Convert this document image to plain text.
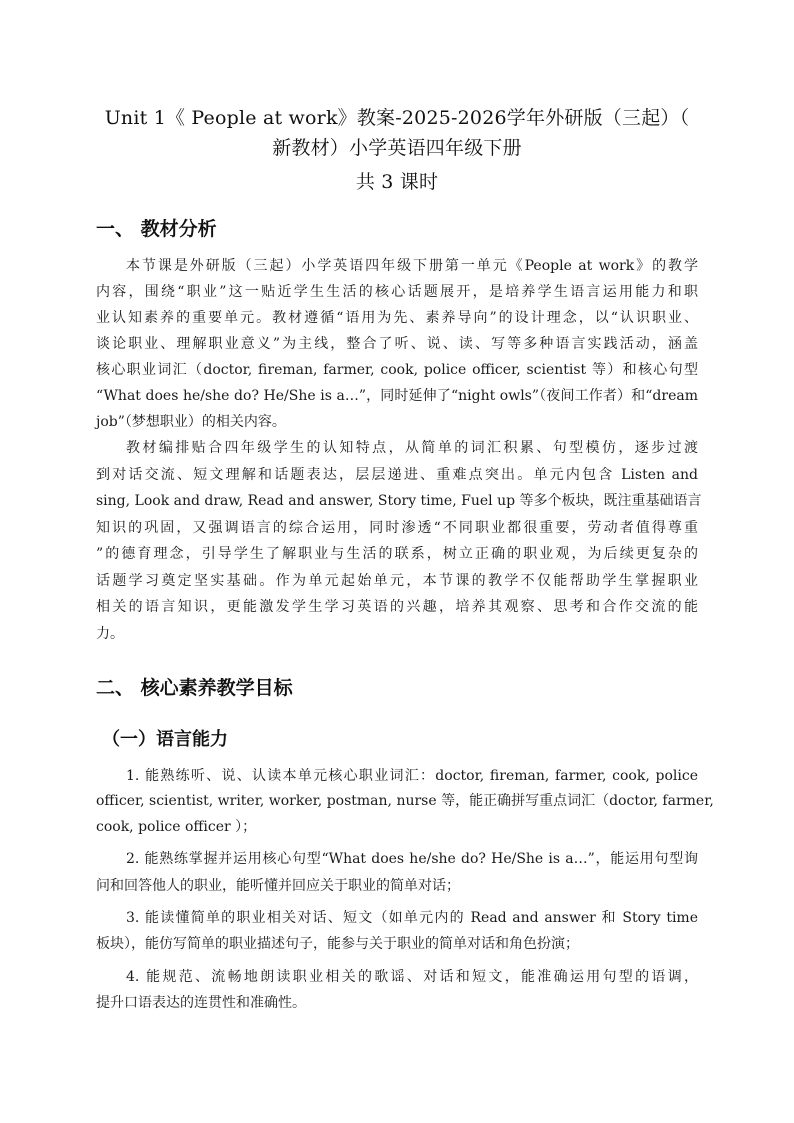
Unit 1《 People at work》教案-2025-2026学年外研版（三起）（
新教材）小学英语四年级下册
共 3 课时
一、 教材分析
本节课是外研版（三起）小学英语四年级下册第一单元《People at work》的教学
内容，围绕“职业”这一贴近学生生活的核心话题展开，是培养学生语言运用能力和职
业认知素养的重要单元。教材遵循“语用为先、素养导向”的设计理念，以“认识职业、
谈论职业、理解职业意义”为主线，整合了听、说、读、写等多种语言实践活动，涵盖
核心职业词汇（doctor, fireman, farmer, cook, police officer, scientist 等）和核心句型
“What does he/she do? He/She is a…”，同时延伸了“night owls”（夜间工作者）和“dream
job”（梦想职业）的相关内容。
教材编排贴合四年级学生的认知特点，从简单的词汇积累、句型模仿，逐步过渡
到对话交流、短文理解和话题表达，层层递进、重难点突出。单元内包含 Listen and
sing, Look and draw, Read and answer, Story time, Fuel up 等多个板块，既注重基础语言
知识的巩固，又强调语言的综合运用，同时渗透“不同职业都很重要，劳动者值得尊重
”的德育理念，引导学生了解职业与生活的联系，树立正确的职业观，为后续更复杂的
话题学习奠定坚实基础。作为单元起始单元，本节课的教学不仅能帮助学生掌握职业
相关的语言知识，更能激发学生学习英语的兴趣，培养其观察、思考和合作交流的能
力。
二、 核心素养教学目标
（一）语言能力
1. 能熟练听、说、认读本单元核心职业词汇：doctor, fireman, farmer, cook, police
officer, scientist, writer, worker, postman, nurse 等，能正确拼写重点词汇（doctor, farmer,
cook, police officer ）；
2. 能熟练掌握并运用核心句型“What does he/she do? He/She is a…”，能运用句型询
问和回答他人的职业，能听懂并回应关于职业的简单对话；
3. 能读懂简单的职业相关对话、短文（如单元内的 Read and answer 和 Story time
板块），能仿写简单的职业描述句子，能参与关于职业的简单对话和角色扮演；
4. 能规范、流畅地朗读职业相关的歌谣、对话和短文，能准确运用句型的语调，
提升口语表达的连贯性和准确性。
